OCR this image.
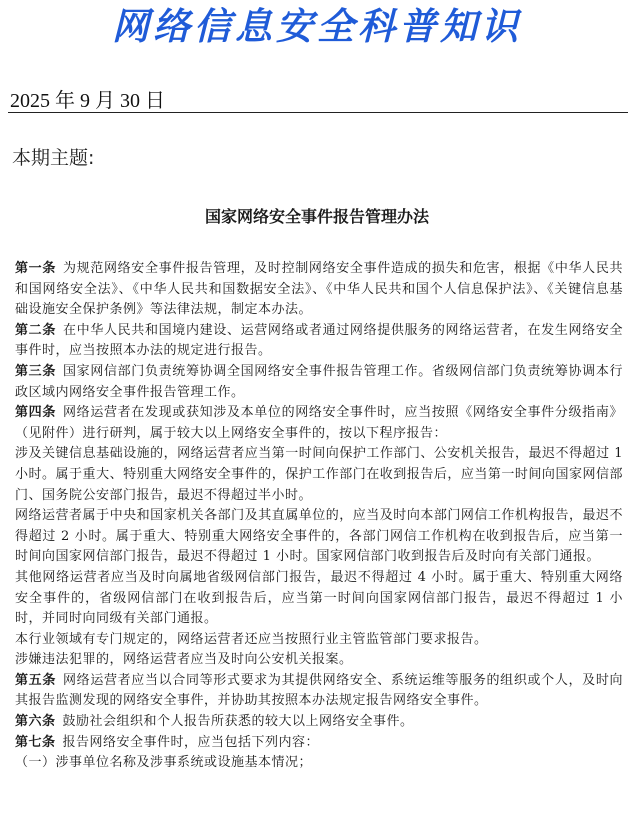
网络信息安全科普知识
2025 年 9 月 30 日
本期主题:
国家网络安全事件报告管理办法

第一条 为规范网络安全事件报告管理，及时控制网络安全事件造成的损失和危害，根据《中华人民共和国网络安全法》、《中华人民共和国数据安全法》、《中华人民共和国个人信息保护法》、《关键信息基础设施安全保护条例》等法律法规，制定本办法。

第二条 在中华人民共和国境内建设、运营网络或者通过网络提供服务的网络运营者，在发生网络安全事件时，应当按照本办法的规定进行报告。

第三条 国家网信部门负责统筹协调全国网络安全事件报告管理工作。省级网信部门负责统筹协调本行政区域内网络安全事件报告管理工作。

第四条 网络运营者在发现或获知涉及本单位的网络安全事件时，应当按照《网络安全事件分级指南》（见附件）进行研判，属于较大以上网络安全事件的，按以下程序报告：

涉及关键信息基础设施的，网络运营者应当第一时间向保护工作部门、公安机关报告，最迟不得超过 1 小时。属于重大、特别重大网络安全事件的，保护工作部门在收到报告后，应当第一时间向国家网信部门、国务院公安部门报告，最迟不得超过半小时。

网络运营者属于中央和国家机关各部门及其直属单位的，应当及时向本部门网信工作机构报告，最迟不得超过 2 小时。属于重大、特别重大网络安全事件的，各部门网信工作机构在收到报告后，应当第一时间向国家网信部门报告，最迟不得超过 1 小时。国家网信部门收到报告后及时向有关部门通报。

其他网络运营者应当及时向属地省级网信部门报告，最迟不得超过 4 小时。属于重大、特别重大网络安全事件的，省级网信部门在收到报告后，应当第一时间向国家网信部门报告，最迟不得超过 1 小时，并同时向同级有关部门通报。

本行业领域有专门规定的，网络运营者还应当按照行业主管监管部门要求报告。

涉嫌违法犯罪的，网络运营者应当及时向公安机关报案。

第五条 网络运营者应当以合同等形式要求为其提供网络安全、系统运维等服务的组织或个人，及时向其报告监测发现的网络安全事件，并协助其按照本办法规定报告网络安全事件。

第六条 鼓励社会组织和个人报告所获悉的较大以上网络安全事件。

第七条 报告网络安全事件时，应当包括下列内容：

（一）涉事单位名称及涉事系统或设施基本情况；
